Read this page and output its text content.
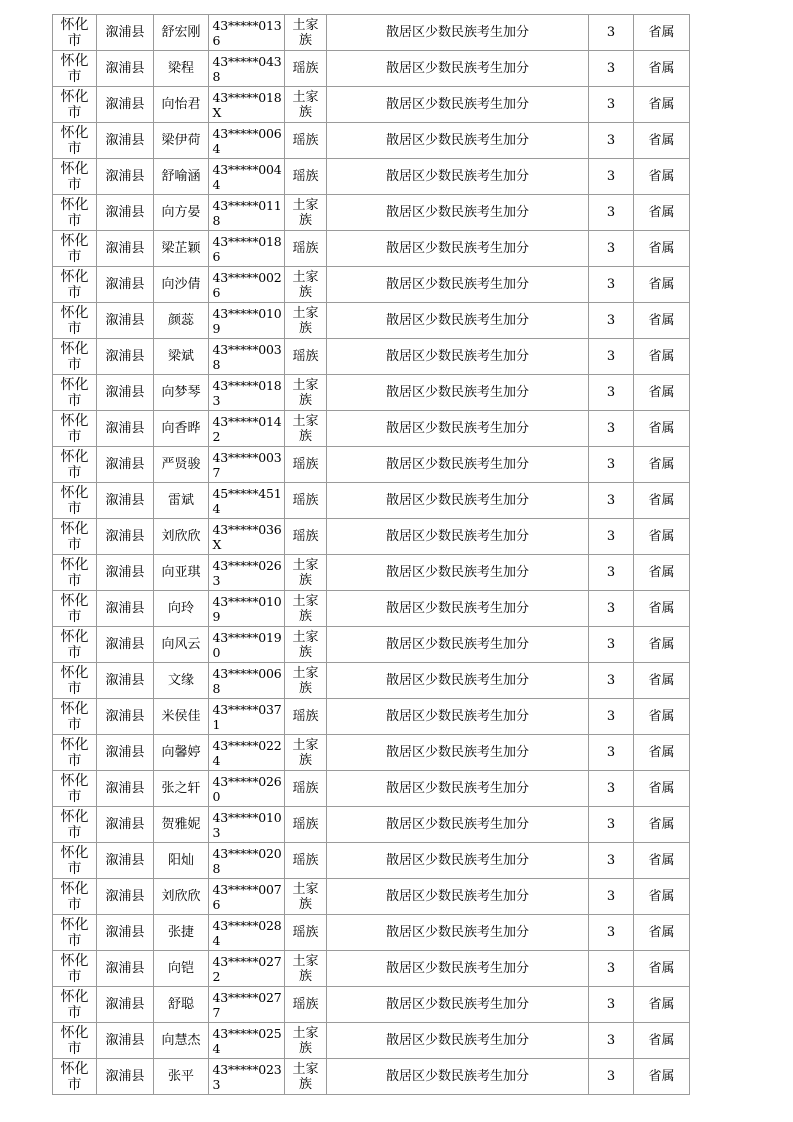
怀化市	溆浦县	舒宏刚	43*****0136	土家族	散居区少数民族考生加分	3	省属

怀化市	溆浦县	梁程	43*****0438	瑶族	散居区少数民族考生加分	3	省属

怀化市	溆浦县	向怡君	43*****018X	土家族	散居区少数民族考生加分	3	省属

怀化市	溆浦县	梁伊荷	43*****0064	瑶族	散居区少数民族考生加分	3	省属

怀化市	溆浦县	舒喻涵	43*****0044	瑶族	散居区少数民族考生加分	3	省属

怀化市	溆浦县	向方晏	43*****0118	土家族	散居区少数民族考生加分	3	省属

怀化市	溆浦县	梁芷颖	43*****0186	瑶族	散居区少数民族考生加分	3	省属

怀化市	溆浦县	向沙倩	43*****0026	土家族	散居区少数民族考生加分	3	省属

怀化市	溆浦县	颜蕊	43*****0109	土家族	散居区少数民族考生加分	3	省属

怀化市	溆浦县	梁斌	43*****0038	瑶族	散居区少数民族考生加分	3	省属

怀化市	溆浦县	向梦琴	43*****0183	土家族	散居区少数民族考生加分	3	省属

怀化市	溆浦县	向香晔	43*****0142	土家族	散居区少数民族考生加分	3	省属

怀化市	溆浦县	严贤骏	43*****0037	瑶族	散居区少数民族考生加分	3	省属

怀化市	溆浦县	雷斌	45*****4514	瑶族	散居区少数民族考生加分	3	省属

怀化市	溆浦县	刘欣欣	43*****036X	瑶族	散居区少数民族考生加分	3	省属

怀化市	溆浦县	向亚琪	43*****0263	土家族	散居区少数民族考生加分	3	省属

怀化市	溆浦县	向玲	43*****0109	土家族	散居区少数民族考生加分	3	省属

怀化市	溆浦县	向风云	43*****0190	土家族	散居区少数民族考生加分	3	省属

怀化市	溆浦县	文缘	43*****0068	土家族	散居区少数民族考生加分	3	省属

怀化市	溆浦县	米侯佳	43*****0371	瑶族	散居区少数民族考生加分	3	省属

怀化市	溆浦县	向馨婷	43*****0224	土家族	散居区少数民族考生加分	3	省属

怀化市	溆浦县	张之轩	43*****0260	瑶族	散居区少数民族考生加分	3	省属

怀化市	溆浦县	贺雅妮	43*****0103	瑶族	散居区少数民族考生加分	3	省属

怀化市	溆浦县	阳灿	43*****0208	瑶族	散居区少数民族考生加分	3	省属

怀化市	溆浦县	刘欣欣	43*****0076	土家族	散居区少数民族考生加分	3	省属

怀化市	溆浦县	张捷	43*****0284	瑶族	散居区少数民族考生加分	3	省属

怀化市	溆浦县	向铠	43*****0272	土家族	散居区少数民族考生加分	3	省属

怀化市	溆浦县	舒聪	43*****0277	瑶族	散居区少数民族考生加分	3	省属

怀化市	溆浦县	向慧杰	43*****0254	土家族	散居区少数民族考生加分	3	省属

怀化市	溆浦县	张平	43*****0233	土家族	散居区少数民族考生加分	3	省属
